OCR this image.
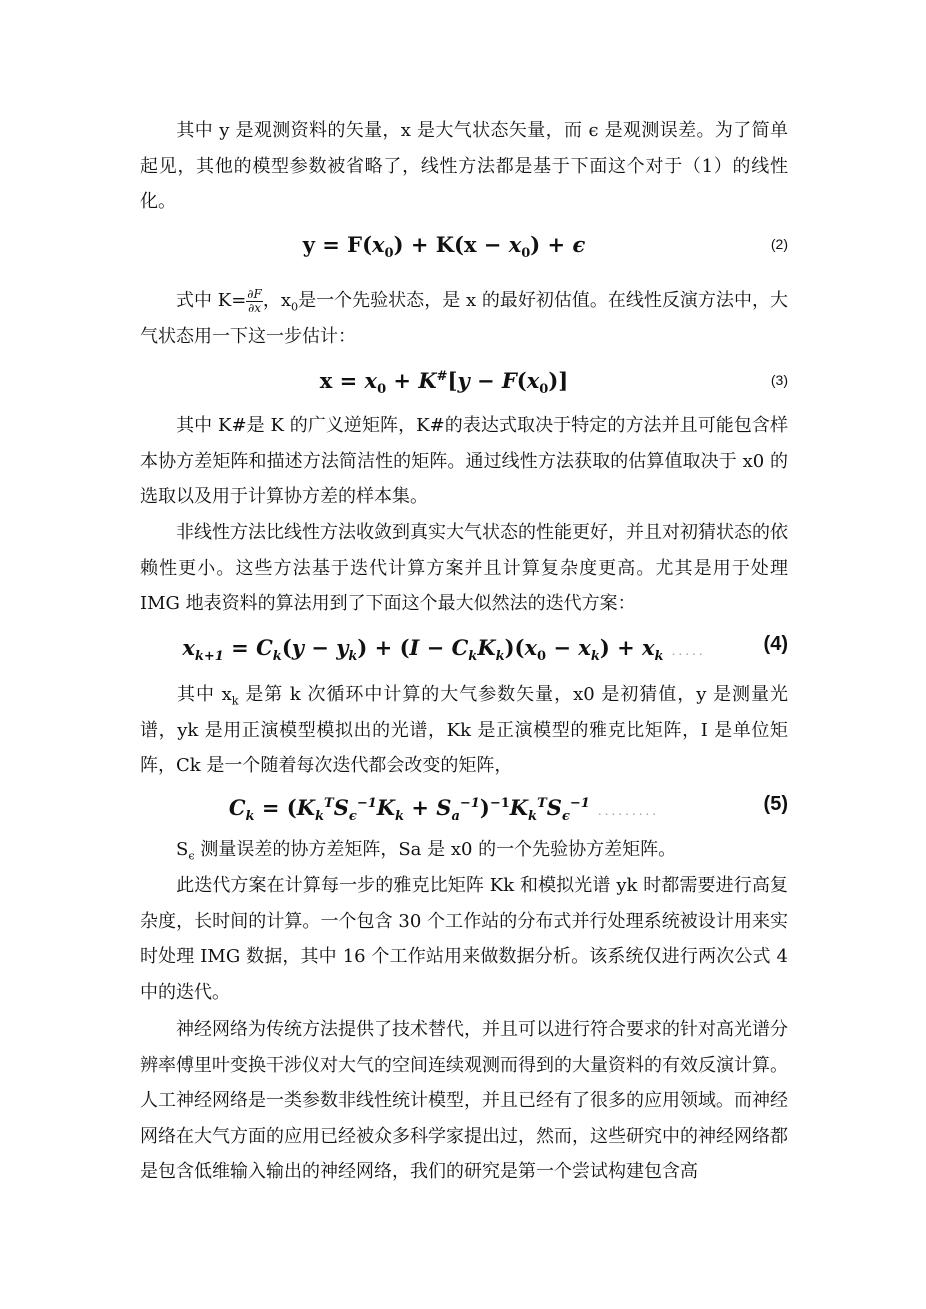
其中 y 是观测资料的矢量，x 是大气状态矢量，而 ϵ 是观测误差。为了简单起见，其他的模型参数被省略了，线性方法都是基于下面这个对于（1）的线性化。

$y = F(x_0) + K(x - x_0) + \epsilon$	(2)

式中 $K= \frac{\partial F}{\partial x}$ ，$x_0$是一个先验状态，是 x 的最好初估值。在线性反演方法中，大气状态用一下这一步估计：

$x = x_0 + K^{\#}[y - F(x_0)]$	(3)

其中 K#是 K 的广义逆矩阵，K#的表达式取决于特定的方法并且可能包含样本协方差矩阵和描述方法简洁性的矩阵。通过线性方法获取的估算值取决于 x0 的选取以及用于计算协方差的样本集。

非线性方法比线性方法收敛到真实大气状态的性能更好，并且对初猜状态的依赖性更小。这些方法基于迭代计算方案并且计算复杂度更高。尤其是用于处理 IMG 地表资料的算法用到了下面这个最大似然法的迭代方案：

$x_{k+1} = C_k(y - y_k) + (I - C_kK_k)(x_0 - x_k) + x_k$ .....	(4)

其中 $x_k$ 是第 k 次循环中计算的大气参数矢量，x0 是初猜值，y 是测量光谱，yk 是用正演模型模拟出的光谱，Kk 是正演模型的雅克比矩阵，I 是单位矩阵，Ck 是一个随着每次迭代都会改变的矩阵，

$C_k = (K_k^TS_\epsilon^{-1}K_k + S_a^{-1})^{-1}K_k^TS_\epsilon^{-1}$ .........	(5)

$S_\epsilon$ 测量误差的协方差矩阵，Sa 是 x0 的一个先验协方差矩阵。

此迭代方案在计算每一步的雅克比矩阵 Kk 和模拟光谱 yk 时都需要进行高复杂度，长时间的计算。一个包含 30 个工作站的分布式并行处理系统被设计用来实时处理 IMG 数据，其中 16 个工作站用来做数据分析。该系统仅进行两次公式 4 中的迭代。

神经网络为传统方法提供了技术替代，并且可以进行符合要求的针对高光谱分辨率傅里叶变换干涉仪对大气的空间连续观测而得到的大量资料的有效反演计算。人工神经网络是一类参数非线性统计模型，并且已经有了很多的应用领域。而神经网络在大气方面的应用已经被众多科学家提出过，然而，这些研究中的神经网络都是包含低维输入输出的神经网络，我们的研究是第一个尝试构建包含高
